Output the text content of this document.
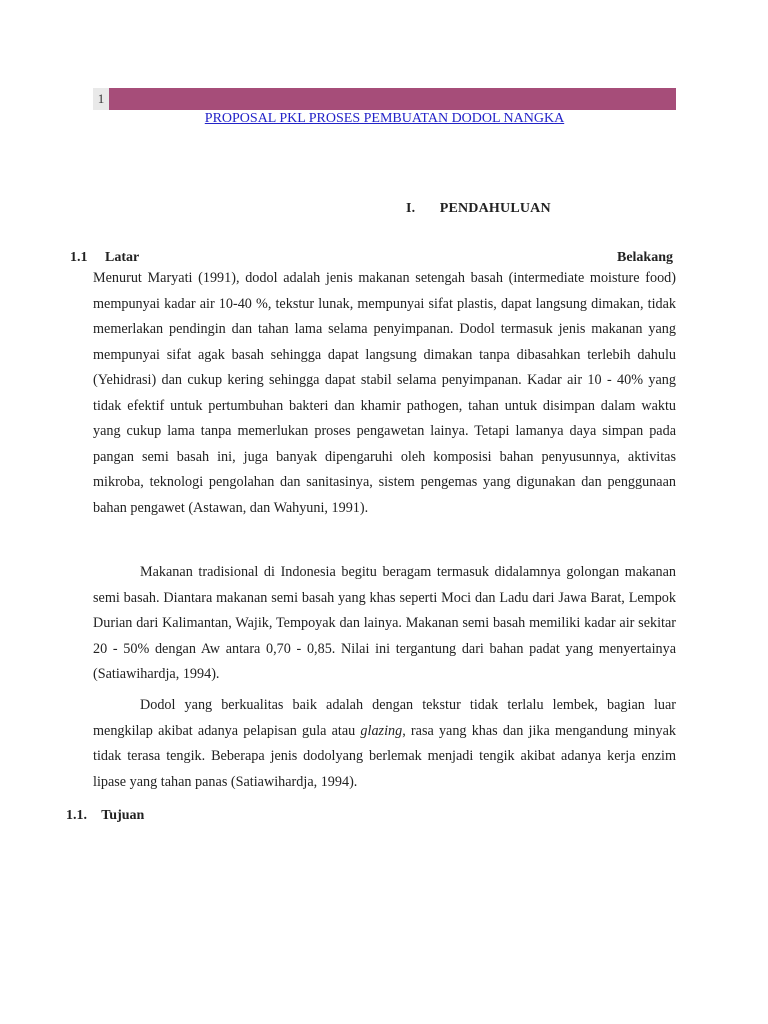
1
PROPOSAL PKL PROSES PEMBUATAN DODOL NANGKA
I. PENDAHULUAN
1.1	Latar	Belakang

Menurut Maryati (1991), dodol adalah jenis makanan setengah basah (intermediate moisture food) mempunyai kadar air 10-40 %, tekstur lunak, mempunyai sifat plastis, dapat langsung dimakan, tidak memerlakan pendingin dan tahan lama selama penyimpanan. Dodol termasuk jenis makanan yang mempunyai sifat agak basah sehingga dapat langsung dimakan tanpa dibasahkan terlebih dahulu (Yehidrasi) dan cukup kering sehingga dapat stabil selama penyimpanan. Kadar air 10 - 40% yang tidak efektif untuk pertumbuhan bakteri dan khamir pathogen, tahan untuk disimpan dalam waktu yang cukup lama tanpa memerlukan proses pengawetan lainya. Tetapi lamanya daya simpan pada pangan semi basah ini, juga banyak dipengaruhi oleh komposisi bahan penyusunnya, aktivitas mikroba, teknologi pengolahan dan sanitasinya, sistem pengemas yang digunakan dan penggunaan bahan pengawet (Astawan, dan Wahyuni, 1991).

Makanan tradisional di Indonesia begitu beragam termasuk didalamnya golongan makanan semi basah. Diantara makanan semi basah yang khas seperti Moci dan Ladu dari Jawa Barat, Lempok Durian dari Kalimantan, Wajik, Tempoyak dan lainya. Makanan semi basah memiliki kadar air sekitar 20 - 50% dengan Aw antara 0,70 - 0,85. Nilai ini tergantung dari bahan padat yang menyertainya (Satiawihardja, 1994).

Dodol yang berkualitas baik adalah dengan tekstur tidak terlalu lembek, bagian luar mengkilap akibat adanya pelapisan gula atau glazing, rasa yang khas dan jika mengandung minyak tidak terasa tengik. Beberapa jenis dodolyang berlemak menjadi tengik akibat adanya kerja enzim lipase yang tahan panas (Satiawihardja, 1994).

1.1. Tujuan
